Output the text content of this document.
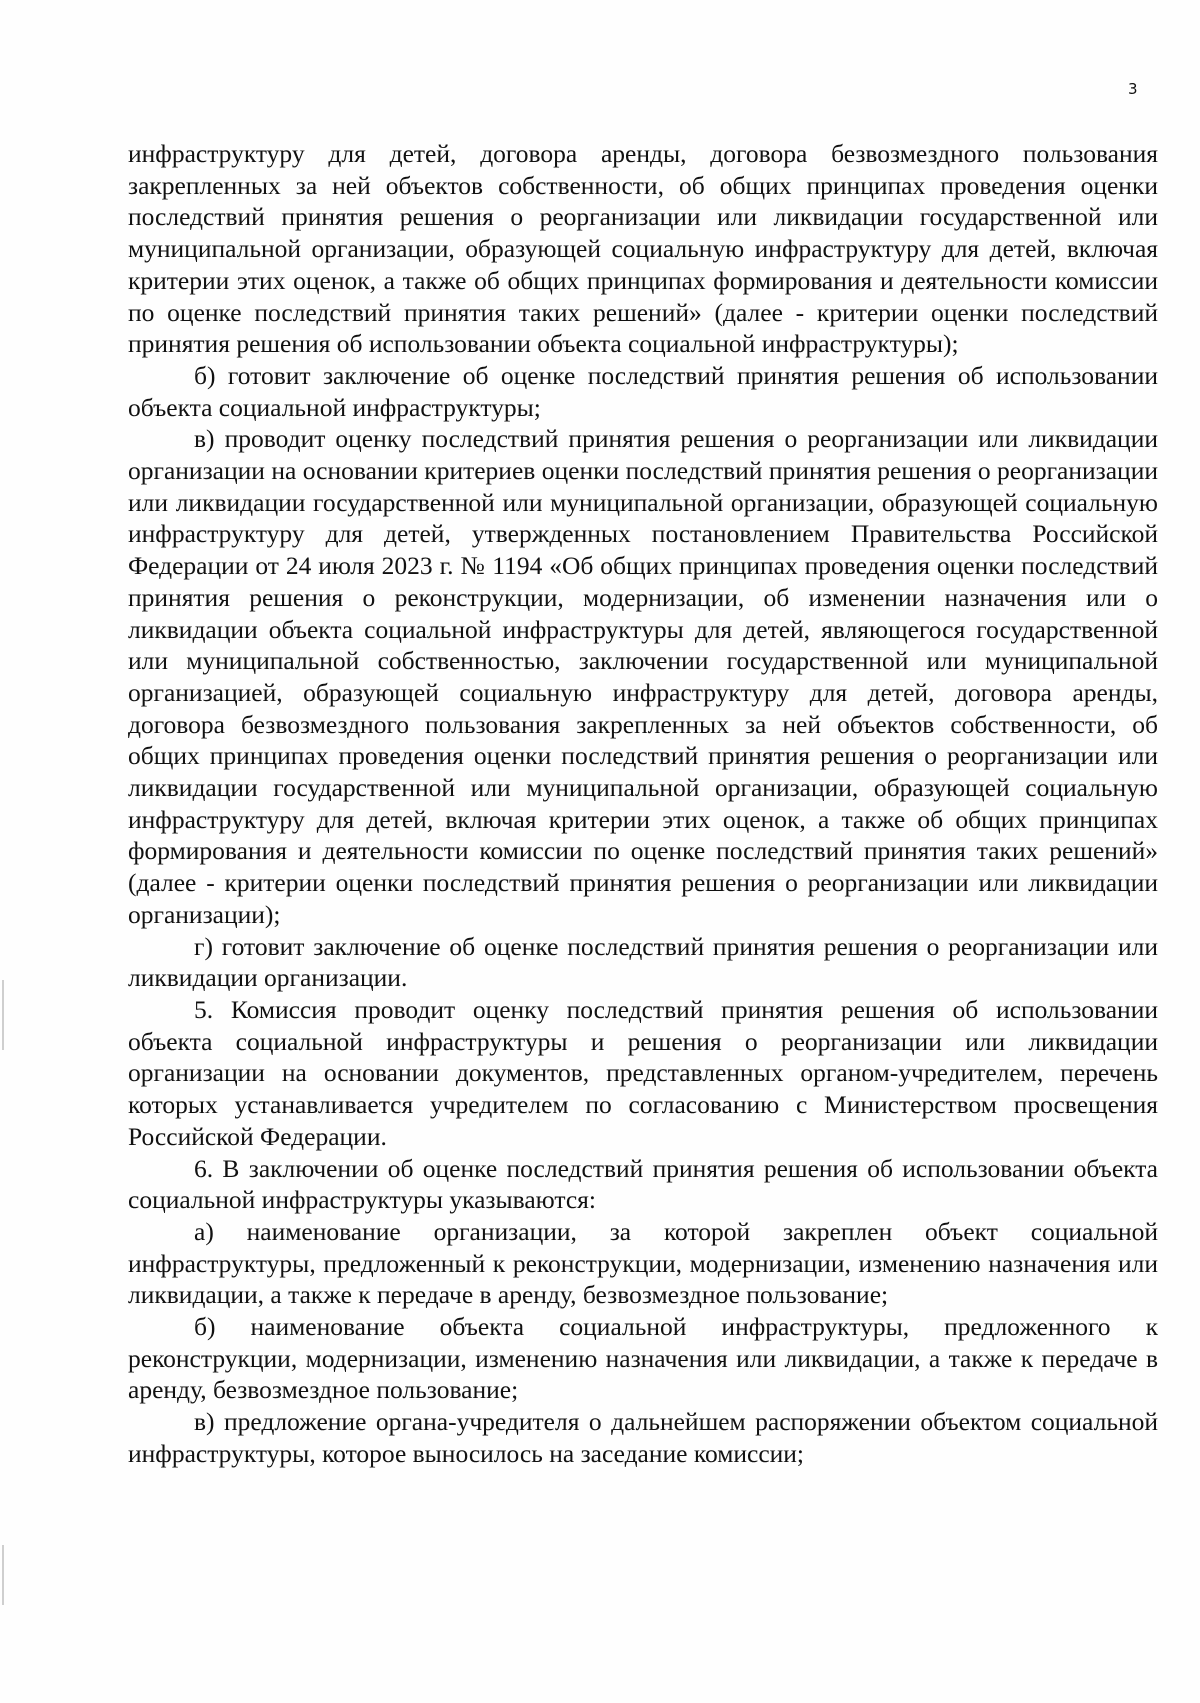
3

инфраструктуру для детей, договора аренды, договора безвозмездного пользования закрепленных за ней объектов собственности, об общих принципах проведения оценки последствий принятия решения о реорганизации или ликвидации государственной или муниципальной организации, образующей социальную инфраструктуру для детей, включая критерии этих оценок, а также об общих принципах формирования и деятельности комиссии по оценке последствий принятия таких решений» (далее - критерии оценки последствий принятия решения об использовании объекта социальной инфраструктуры);

б) готовит заключение об оценке последствий принятия решения об использовании объекта социальной инфраструктуры;

в) проводит оценку последствий принятия решения о реорганизации или ликвидации организации на основании критериев оценки последствий принятия решения о реорганизации или ликвидации государственной или муниципальной организации, образующей социальную инфраструктуру для детей, утвержденных постановлением Правительства Российской Федерации от 24 июля 2023 г. № 1194 «Об общих принципах проведения оценки последствий принятия решения о реконструкции, модернизации, об изменении назначения или о ликвидации объекта социальной инфраструктуры для детей, являющегося государственной или муниципальной собственностью, заключении государственной или муниципальной организацией, образующей социальную инфраструктуру для детей, договора аренды, договора безвозмездного пользования закрепленных за ней объектов собственности, об общих принципах проведения оценки последствий принятия решения о реорганизации или ликвидации государственной или муниципальной организации, образующей социальную инфраструктуру для детей, включая критерии этих оценок, а также об общих принципах формирования и деятельности комиссии по оценке последствий принятия таких решений» (далее - критерии оценки последствий принятия решения о реорганизации или ликвидации организации);

г) готовит заключение об оценке последствий принятия решения о реорганизации или ликвидации организации.

5. Комиссия проводит оценку последствий принятия решения об использовании объекта социальной инфраструктуры и решения о реорганизации или ликвидации организации на основании документов, представленных органом-учредителем, перечень которых устанавливается учредителем по согласованию с Министерством просвещения Российской Федерации.

6. В заключении об оценке последствий принятия решения об использовании объекта социальной инфраструктуры указываются:

а) наименование организации, за которой закреплен объект социальной инфраструктуры, предложенный к реконструкции, модернизации, изменению назначения или ликвидации, а также к передаче в аренду, безвозмездное пользование;

б) наименование объекта социальной инфраструктуры, предложенного к реконструкции, модернизации, изменению назначения или ликвидации, а также к передаче в аренду, безвозмездное пользование;

в) предложение органа-учредителя о дальнейшем распоряжении объектом социальной инфраструктуры, которое выносилось на заседание комиссии;
